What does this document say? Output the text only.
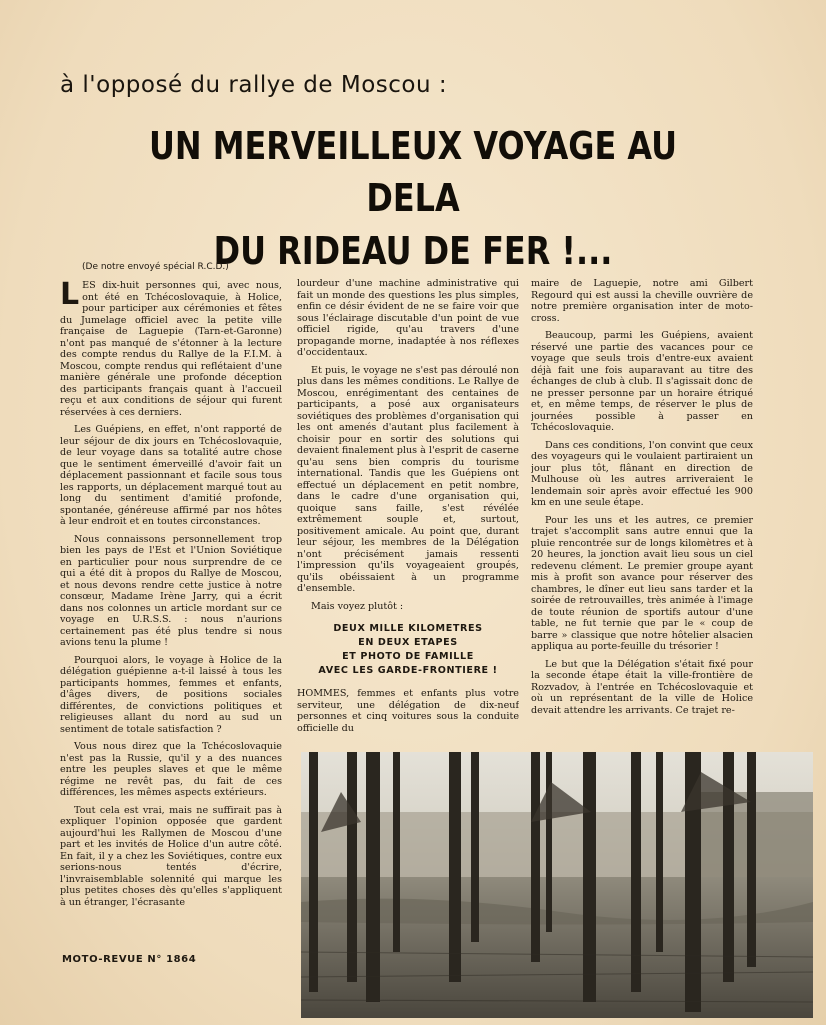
à l'opposé du rallye de Moscou :
UN MERVEILLEUX VOYAGE AU DELA
DU RIDEAU DE FER !...
(De notre envoyé spécial R.C.D.)

LES dix-huit personnes qui, avec nous, ont été en Tchécoslovaquie, à Holice, pour participer aux cérémonies et fêtes du Jumelage officiel avec la petite ville française de Laguepie (Tarn-et-Garonne) n'ont pas manqué de s'étonner à la lecture des compte rendus du Rallye de la F.I.M. à Moscou, compte rendus qui reflétaient d'une manière générale une profonde déception des participants français quant à l'accueil reçu et aux conditions de séjour qui furent réservées à ces derniers.

Les Guépiens, en effet, n'ont rapporté de leur séjour de dix jours en Tchécoslovaquie, de leur voyage dans sa totalité autre chose que le sentiment émerveillé d'avoir fait un déplacement passionnant et facile sous tous les rapports, un déplacement marqué tout au long du sentiment d'amitié profonde, spontanée, généreuse affirmé par nos hôtes à leur endroit et en toutes circonstances.

Nous connaissons personnellement trop bien les pays de l'Est et l'Union Soviétique en particulier pour nous surprendre de ce qui a été dit à propos du Rallye de Moscou, et nous devons rendre cette justice à notre consœur, Madame Irène Jarry, qui a écrit dans nos colonnes un article mordant sur ce voyage en U.R.S.S. : nous n'aurions certainement pas été plus tendre si nous avions tenu la plume !

Pourquoi alors, le voyage à Holice de la délégation guépienne a-t-il laissé à tous les participants hommes, femmes et enfants, d'âges divers, de positions sociales différentes, de convictions politiques et religieuses allant du nord au sud un sentiment de totale satisfaction ?

Vous nous direz que la Tchécoslovaquie n'est pas la Russie, qu'il y a des nuances entre les peuples slaves et que le même régime ne revêt pas, du fait de ces différences, les mêmes aspects extérieurs.

Tout cela est vrai, mais ne suffirait pas à expliquer l'opinion opposée que gardent aujourd'hui les Rallymen de Moscou d'une part et les invités de Holice d'un autre côté. En fait, il y a chez les Soviétiques, contre eux serions-nous tentés d'écrire, l'invraisemblable solennité qui marque les plus petites choses dès qu'elles s'appliquent à un étranger, l'écrasante

lourdeur d'une machine administrative qui fait un monde des questions les plus simples, enfin ce désir évident de ne se faire voir que sous l'éclairage discutable d'un point de vue officiel rigide, qu'au travers d'une propagande morne, inadaptée à nos réflexes d'occidentaux.

Et puis, le voyage ne s'est pas déroulé non plus dans les mêmes conditions. Le Rallye de Moscou, enrégimentant des centaines de participants, a posé aux organisateurs soviétiques des problèmes d'organisation qui les ont amenés d'autant plus facilement à choisir pour en sortir des solutions qui devaient finalement plus à l'esprit de caserne qu'au sens bien compris du tourisme international. Tandis que les Guépiens ont effectué un déplacement en petit nombre, dans le cadre d'une organisation qui, quoique sans faille, s'est révélée extrêmement souple et, surtout, positivement amicale. Au point que, durant leur séjour, les membres de la Délégation n'ont précisément jamais ressenti l'impression qu'ils voyageaient groupés, qu'ils obéissaient à un programme d'ensemble.

Mais voyez plutôt :

DEUX MILLE KILOMETRES
EN DEUX ETAPES
ET PHOTO DE FAMILLE
AVEC LES GARDE-FRONTIERE !

HOMMES, femmes et enfants plus votre serviteur, une délégation de dix-neuf personnes et cinq voitures sous la conduite officielle du

maire de Laguepie, notre ami Gilbert Regourd qui est aussi la cheville ouvrière de notre première organisation inter de moto-cross.

Beaucoup, parmi les Guépiens, avaient réservé une partie des vacances pour ce voyage que seuls trois d'entre-eux avaient déjà fait une fois auparavant au titre des échanges de club à club. Il s'agissait donc de ne presser personne par un horaire étriqué et, en même temps, de réserver le plus de journées possible à passer en Tchécoslovaquie.

Dans ces conditions, l'on convint que ceux des voyageurs qui le voulaient partiraient un jour plus tôt, flânant en direction de Mulhouse où les autres arriveraient le lendemain soir après avoir effectué les 900 km en une seule étape.

Pour les uns et les autres, ce premier trajet s'accomplit sans autre ennui que la pluie rencontrée sur de longs kilomètres et à 20 heures, la jonction avait lieu sous un ciel redevenu clément. Le premier groupe ayant mis à profit son avance pour réserver des chambres, le dîner eut lieu sans tarder et la soirée de retrouvailles, très animée à l'image de toute réunion de sportifs autour d'une table, ne fut ternie que par le « coup de barre » classique que notre hôtelier alsacien appliqua au porte-feuille du trésorier !

Le but que la Délégation s'était fixé pour la seconde étape était la ville-frontière de Rozvadov, à l'entrée en Tchécoslovaquie et où un représentant de la ville de Holice devait attendre les arrivants. Ce trajet re-

MOTO-REVUE N° 1864
